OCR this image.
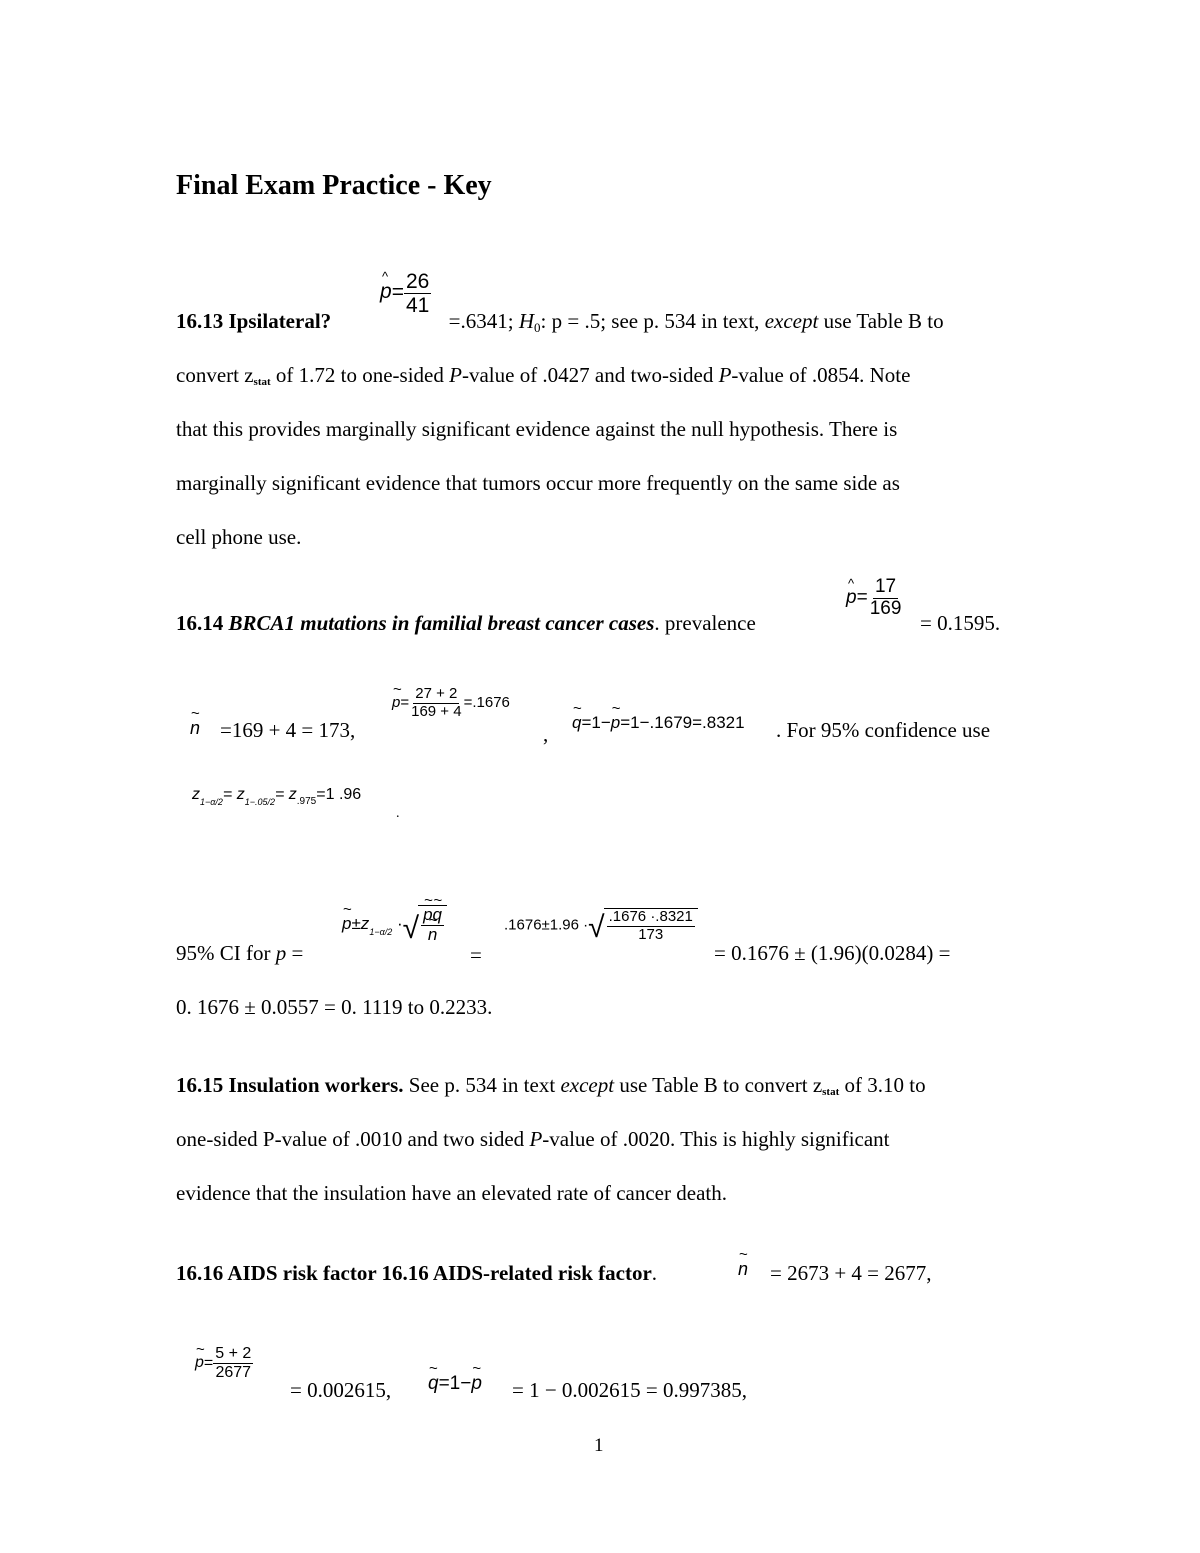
Final Exam Practice - Key
p ^= $\frac{26}{41}$
16.13 Ipsilateral?	=.6341; H0: p = .5; see p. 534 in text, except use Table B to
convert $z_{stat}$ of 1.72 to one-sided P-value of .0427 and two-sided P-value of .0854. Note
that this provides marginally significant evidence against the null hypothesis. There is
marginally significant evidence that tumors occur more frequently on the same side as
cell phone use.
p ^= $\frac{17}{169}$
16.14 BRCA1 mutations in familial breast cancer cases. prevalence	= 0.1595.
n ~ =169 + 4 = 173,
p ~= $\frac{27 + 2}{169 + 4} =.1676$
, q ~=1−p ~=1−.1679=.8321 . For 95% confidence use
$z_{1-\alpha/2}= z_{1-.05/2}= z_{.975}=1$ .96
.
95% CI for p =
p $\sim\pm z_{1-\alpha/2}$ · √ $\frac{p \sim q \sim}{n}$ ~
=
.1676±1.96 · √ $\frac{.1676 \cdot.8321}{173}$
= 0.1676 ± (1.96)(0.0284) =
0. 1676 ± 0.0557 = 0. 1119 to 0.2233.
16.15 Insulation workers. See p. 534 in text except use Table B to convert $z_{stat}$ of 3.10 to
one-sided P-value of .0010 and two sided P-value of .0020. This is highly significant
evidence that the insulation have an elevated rate of cancer death.
16.16 AIDS risk factor 16.16 AIDS-related risk factor.	n ~ = 2673 + 4 = 2677,
p ~= $\frac{5 + 2}{2677}$
= 0.002615, q ~=1−p ~ = 1 − 0.002615 = 0.997385,
1
